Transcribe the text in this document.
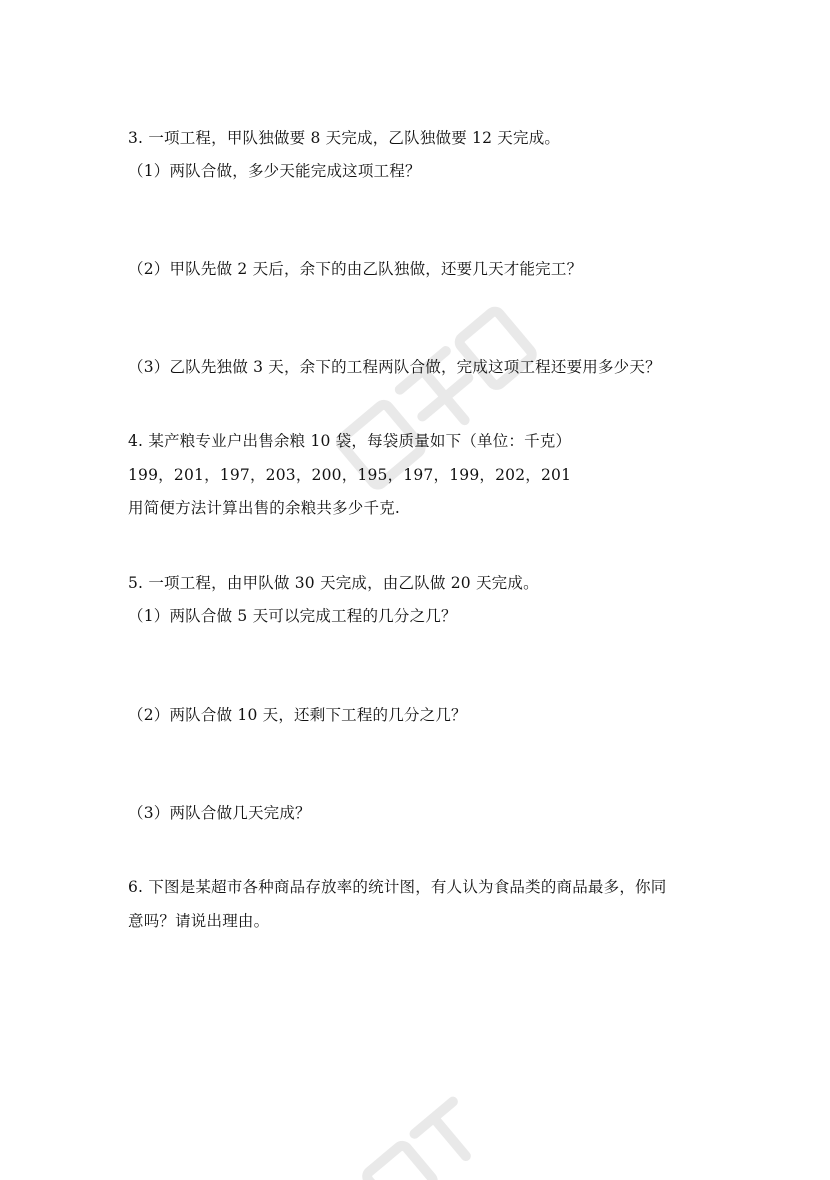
3. 一项工程，甲队独做要 8 天完成，乙队独做要 12 天完成。
（1）两队合做，多少天能完成这项工程？
（2）甲队先做 2 天后，余下的由乙队独做，还要几天才能完工？
（3）乙队先独做 3 天，余下的工程两队合做，完成这项工程还要用多少天？
4. 某产粮专业户出售余粮 10 袋，每袋质量如下（单位：千克）
199，201，197，203，200，195，197，199，202，201
用简便方法计算出售的余粮共多少千克.
5. 一项工程，由甲队做 30 天完成，由乙队做 20 天完成。
（1）两队合做 5 天可以完成工程的几分之几？
（2）两队合做 10 天，还剩下工程的几分之几？
（3）两队合做几天完成？
6. 下图是某超市各种商品存放率的统计图，有人认为食品类的商品最多，你同
意吗？请说出理由。
